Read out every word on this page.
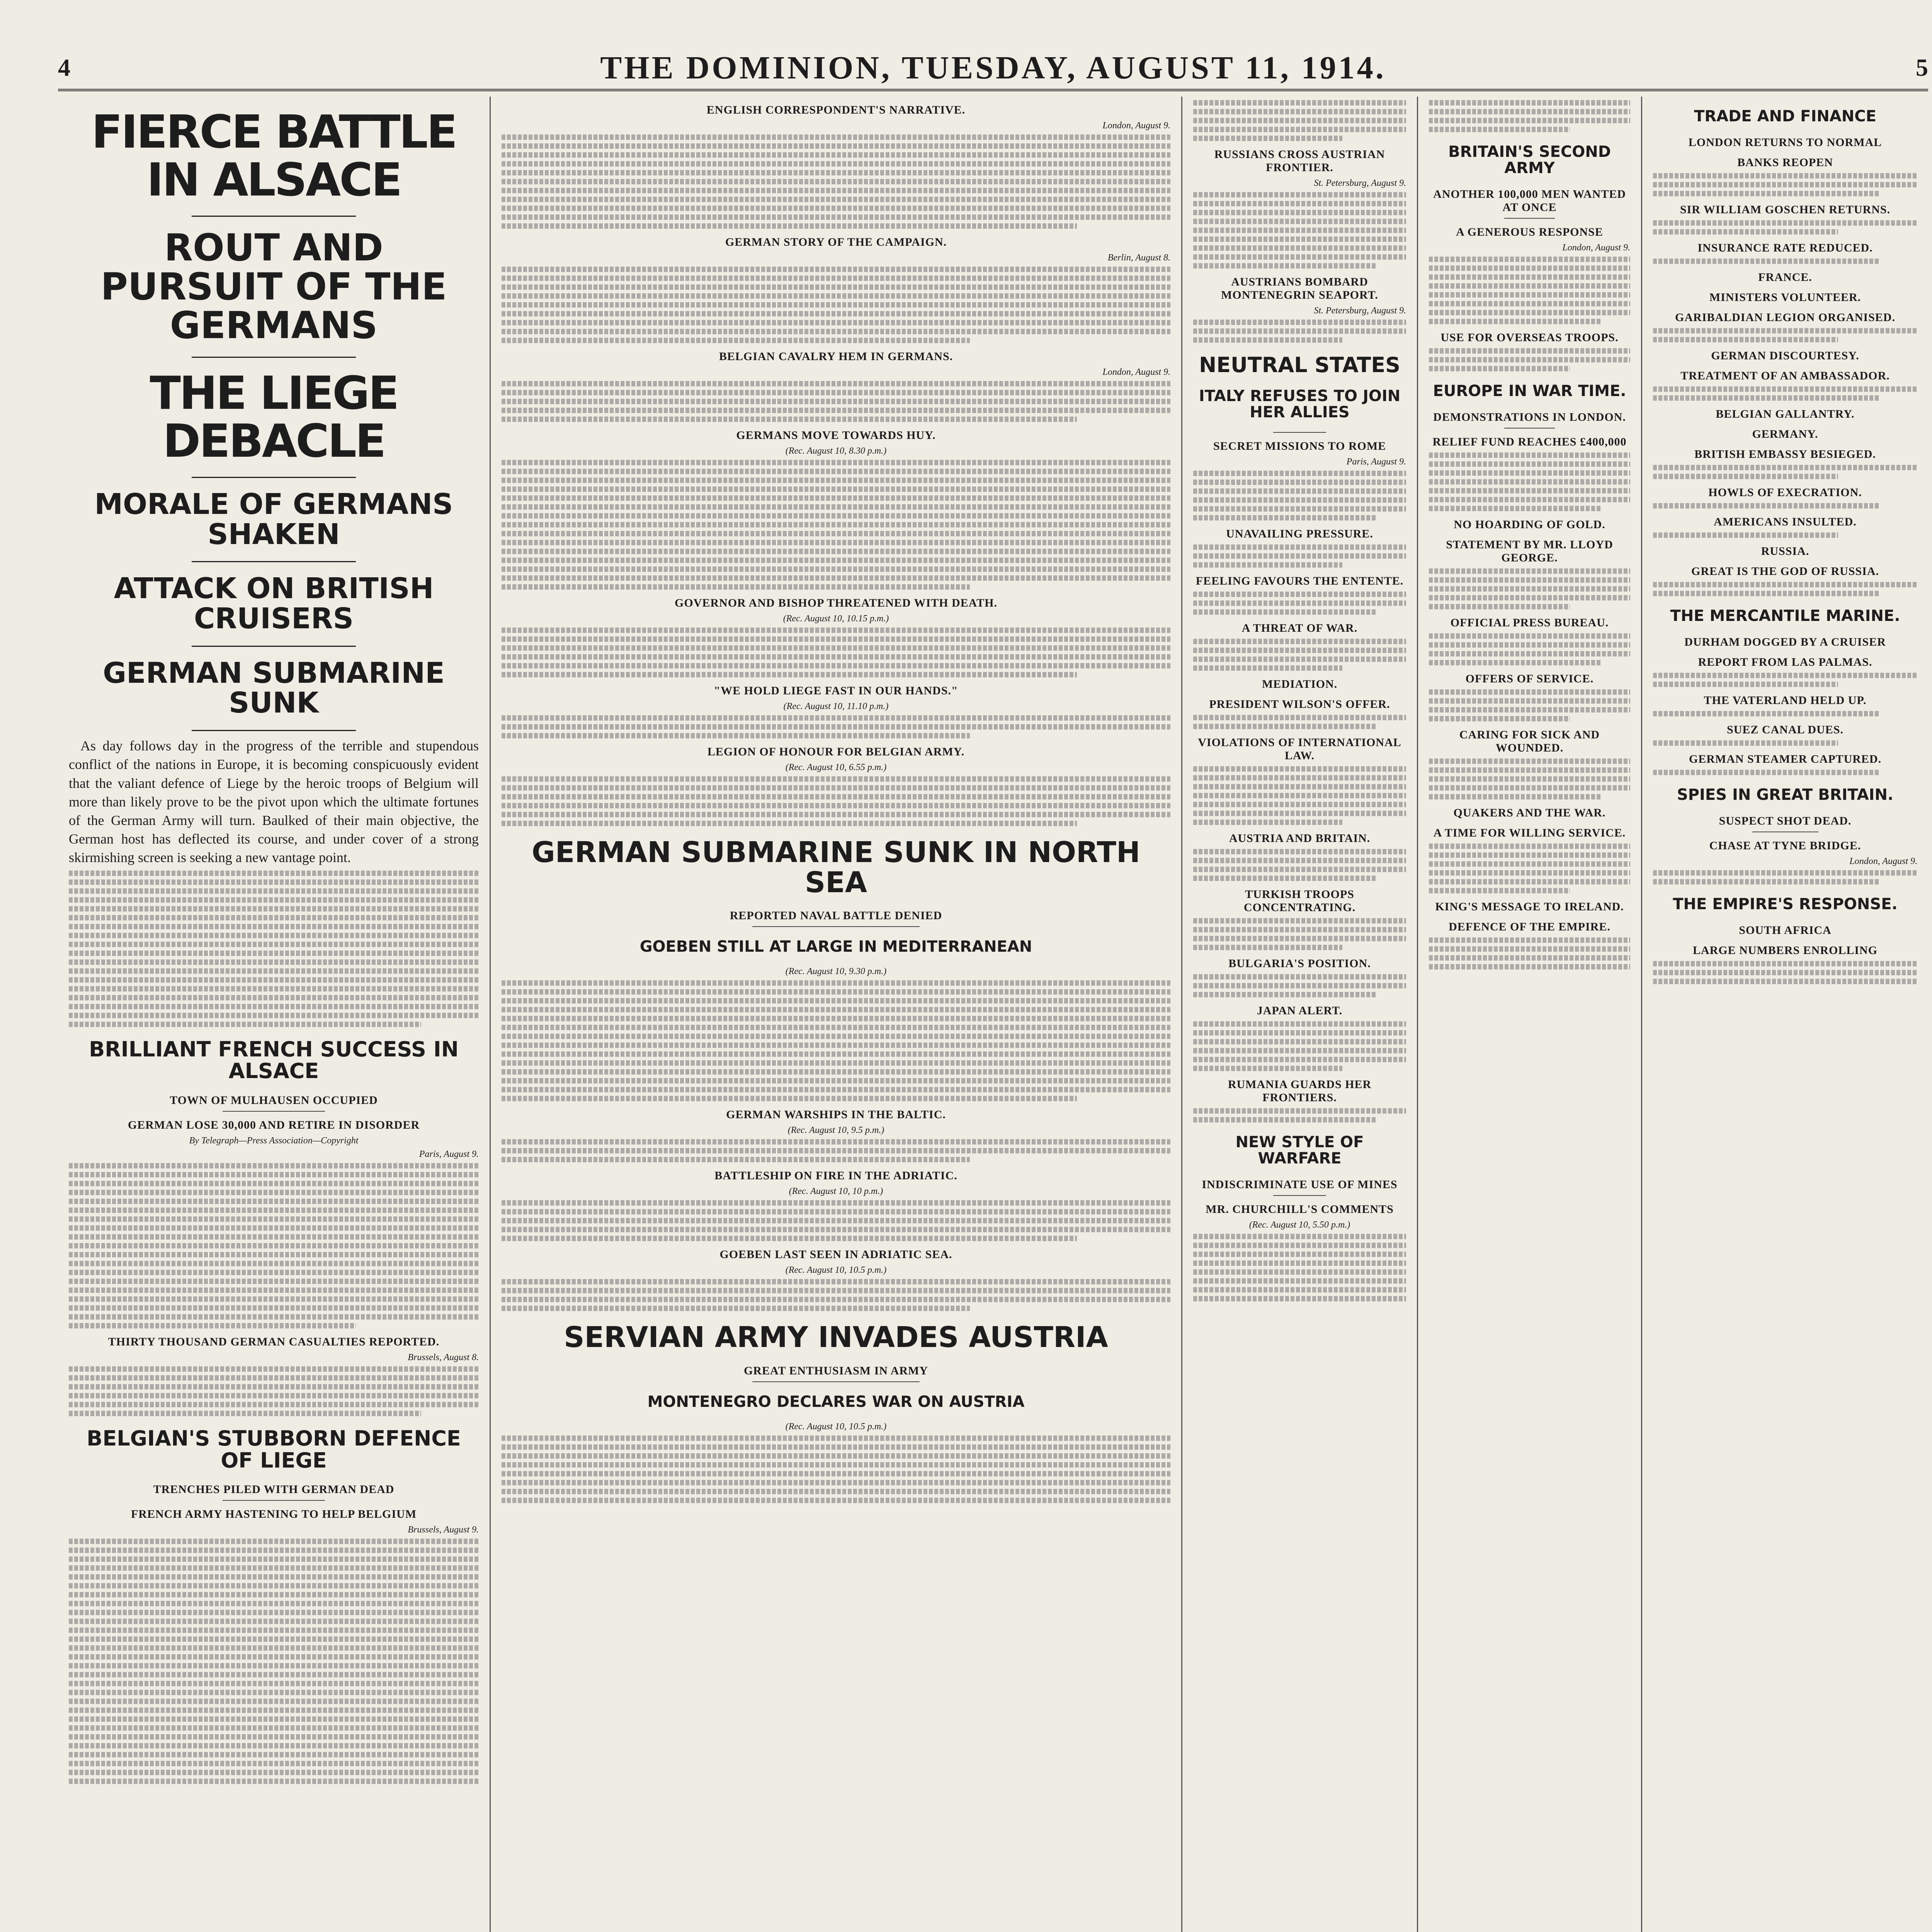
4	THE DOMINION, TUESDAY, AUGUST 11, 1914.	5
FIERCE BATTLE IN ALSACE
ROUT AND PURSUIT OF THE GERMANS
THE LIEGE DEBACLE
MORALE OF GERMANS SHAKEN
ATTACK ON BRITISH CRUISERS
GERMAN SUBMARINE SUNK

As day follows day in the progress of the terrible and stupendous conflict of the nations in Europe, it is becoming conspicuously evident that the valiant defence of Liege by the heroic troops of Belgium will more than likely prove to be the pivot upon which the ultimate fortunes of the German Army will turn. Baulked of their main objective, the German host has deflected its course, and under cover of a strong skirmishing screen is seeking a new vantage point.

BRILLIANT FRENCH SUCCESS IN ALSACE
TOWN OF MULHAUSEN OCCUPIED
GERMAN LOSE 30,000 AND RETIRE IN DISORDER
By Telegraph—Press Association—Copyright
Paris, August 9.
THIRTY THOUSAND GERMAN CASUALTIES REPORTED.
Brussels, August 8.
BELGIAN'S STUBBORN DEFENCE OF LIEGE
TRENCHES PILED WITH GERMAN DEAD
FRENCH ARMY HASTENING TO HELP BELGIUM
Brussels, August 9.
ENGLISH CORRESPONDENT'S NARRATIVE.
London, August 9.
GERMAN STORY OF THE CAMPAIGN.
Berlin, August 8.
BELGIAN CAVALRY HEM IN GERMANS.
London, August 9.
GERMANS MOVE TOWARDS HUY.
(Rec. August 10, 8.30 p.m.)
GOVERNOR AND BISHOP THREATENED WITH DEATH.
(Rec. August 10, 10.15 p.m.)
"WE HOLD LIEGE FAST IN OUR HANDS."
(Rec. August 10, 11.10 p.m.)
LEGION OF HONOUR FOR BELGIAN ARMY.
(Rec. August 10, 6.55 p.m.)
GERMAN SUBMARINE SUNK IN NORTH SEA
REPORTED NAVAL BATTLE DENIED
GOEBEN STILL AT LARGE IN MEDITERRANEAN
(Rec. August 10, 9.30 p.m.)
GERMAN WARSHIPS IN THE BALTIC.
(Rec. August 10, 9.5 p.m.)
BATTLESHIP ON FIRE IN THE ADRIATIC.
(Rec. August 10, 10 p.m.)
GOEBEN LAST SEEN IN ADRIATIC SEA.
(Rec. August 10, 10.5 p.m.)
SERVIAN ARMY INVADES AUSTRIA
GREAT ENTHUSIASM IN ARMY
MONTENEGRO DECLARES WAR ON AUSTRIA
(Rec. August 10, 10.5 p.m.)
RUSSIANS CROSS AUSTRIAN FRONTIER.
St. Petersburg, August 9.
AUSTRIANS BOMBARD MONTENEGRIN SEAPORT.
St. Petersburg, August 9.
NEUTRAL STATES
ITALY REFUSES TO JOIN HER ALLIES
SECRET MISSIONS TO ROME
Paris, August 9.
UNAVAILING PRESSURE.
FEELING FAVOURS THE ENTENTE.
A THREAT OF WAR.
MEDIATION.
PRESIDENT WILSON'S OFFER.
VIOLATIONS OF INTERNATIONAL LAW.
AUSTRIA AND BRITAIN.
TURKISH TROOPS CONCENTRATING.
BULGARIA'S POSITION.
JAPAN ALERT.
RUMANIA GUARDS HER FRONTIERS.
NEW STYLE OF WARFARE
INDISCRIMINATE USE OF MINES
MR. CHURCHILL'S COMMENTS
(Rec. August 10, 5.50 p.m.)
BRITAIN'S SECOND ARMY
ANOTHER 100,000 MEN WANTED AT ONCE
A GENEROUS RESPONSE
London, August 9.
USE FOR OVERSEAS TROOPS.
EUROPE IN WAR TIME.
DEMONSTRATIONS IN LONDON.
RELIEF FUND REACHES £400,000
NO HOARDING OF GOLD.
STATEMENT BY MR. LLOYD GEORGE.
OFFICIAL PRESS BUREAU.
OFFERS OF SERVICE.
CARING FOR SICK AND WOUNDED.
QUAKERS AND THE WAR.
A TIME FOR WILLING SERVICE.
KING'S MESSAGE TO IRELAND.
DEFENCE OF THE EMPIRE.
TRADE AND FINANCE
LONDON RETURNS TO NORMAL
BANKS REOPEN
SIR WILLIAM GOSCHEN RETURNS.
INSURANCE RATE REDUCED.
FRANCE.
MINISTERS VOLUNTEER.
GARIBALDIAN LEGION ORGANISED.
GERMAN DISCOURTESY.
TREATMENT OF AN AMBASSADOR.
BELGIAN GALLANTRY.
GERMANY.
BRITISH EMBASSY BESIEGED.
HOWLS OF EXECRATION.
AMERICANS INSULTED.
RUSSIA.
GREAT IS THE GOD OF RUSSIA.
THE MERCANTILE MARINE.
DURHAM DOGGED BY A CRUISER
REPORT FROM LAS PALMAS.
THE VATERLAND HELD UP.
SUEZ CANAL DUES.
GERMAN STEAMER CAPTURED.
SPIES IN GREAT BRITAIN.
SUSPECT SHOT DEAD.
CHASE AT TYNE BRIDGE.
London, August 9.
THE EMPIRE'S RESPONSE.
SOUTH AFRICA
LARGE NUMBERS ENROLLING
